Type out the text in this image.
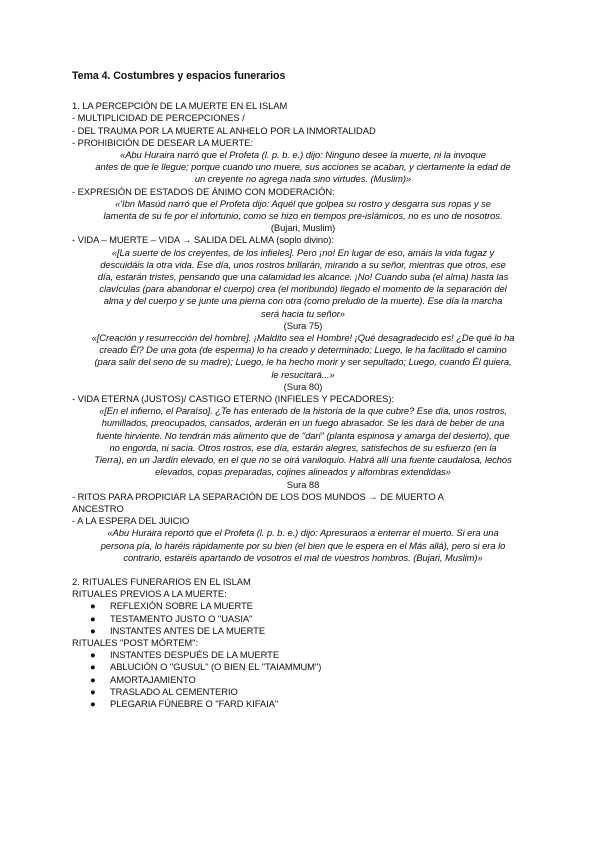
Tema 4. Costumbres y espacios funerarios

1. LA PERCEPCIÓN DE LA MUERTE EN EL ISLAM

- MULTIPLICIDAD DE PERCEPCIONES /

- DEL TRAUMA POR LA MUERTE AL ANHELO POR LA INMORTALIDAD

- PROHIBICIÓN DE DESEAR LA MUERTE:

«Abu Huraira narró que el Profeta (l. p. b. e.) dijo: Ninguno desee la muerte, ni la invoque
antes de que le llegue; porque cuando uno muere, sus acciones se acaban, y ciertamente la edad de
un creyente no agrega nada sino virtudes. (Muslim)»

- EXPRESIÓN DE ESTADOS DE ÁNIMO CON MODERACIÓN:

«'Ibn Masúd narró que el Profeta dijo: Aquél que golpea su rostro y desgarra sus ropas y se
lamenta de su fe por el infortunio, como se hizo en tiempos pre-islámicos, no es uno de nosotros.

(Bujari, Muslim)

- VIDA – MUERTE – VIDA → SALIDA DEL ALMA (soplo divino):

«[La suerte de los creyentes, de los infieles]. Pero ¡no! En lugar de eso, amáis la vida fugaz y
descuidáis la otra vida. Ese día, unos rostros brillarán, mirando a su señor, mientras que otros, ese
día, estarán tristes, pensando que una calamidad les alcance. ¡No! Cuando suba (el alma) hasta las
clavículas (para abandonar el cuerpo) crea (el moribundo) llegado el momento de la separación del
alma y del cuerpo y se junte una pierna con otra (como preludio de la muerte). Ese día la marcha
será hacia tu señor»

(Sura 75)

«[Creación y resurrección del hombre]. ¡Maldito sea el Hombre! ¡Qué desagradecido es! ¿De qué lo ha
creado Él? De una gota (de esperma) lo ha creado y determinado; Luego, le ha facilitado el camino
(para salir del seno de su madre); Luego, le ha hecho morir y ser sepultado; Luego, cuando Él quiera,
le resucitará...»

(Sura 80)

- VIDA ETERNA (JUSTOS)/ CASTIGO ETERNO (INFIELES Y PECADORES):

«[En el infierno, el Paraíso]. ¿Te has enterado de la historia de la que cubre? Ese día, unos rostros,
humillados, preocupados, cansados, arderán en un fuego abrasador. Se les dará de beber de una
fuente hirviente. No tendrán más alimento que de "dari" (planta espinosa y amarga del desierto), que
no engorda, ni sacia. Otros rostros, ese día, estarán alegres, satisfechos de su esfuerzo (en la
Tierra), en un Jardín elevado, en el que no se oirá vaniloquio. Habrá allí una fuente caudalosa, lechos
elevados, copas preparadas, cojines alineados y alfombras extendidas»

Sura 88

- RITOS PARA PROPICIAR LA SEPARACIÓN DE LOS DOS MUNDOS → DE MUERTO A

ANCESTRO

- A LA ESPERA DEL JUICIO

«Abu Huraira reportó que el Profeta (l. p. b. e.) dijo: Apresuraos a enterrar el muerto. Si era una
persona pía, lo haréis rápidamente por su bien (el bien que le espera en el Más allá), pero si era lo
contrario, estaréis apartando de vosotros el mal de vuestros hombros. (Bujari, Muslim)»

2. RITUALES FUNERARIOS EN EL ISLAM

RITUALES PREVIOS A LA MUERTE:

● REFLEXIÓN SOBRE LA MUERTE
● TESTAMENTO JUSTO O "UASIA"
● INSTANTES ANTES DE LA MUERTE

RITUALES "POST MÓRTEM":

● INSTANTES DESPUÉS DE LA MUERTE
● ABLUCIÓN O "GUSUL" (O BIEN EL "TAIAMMUM")
● AMORTAJAMIENTO
● TRASLADO AL CEMENTERIO
● PLEGARIA FÚNEBRE O "FARD KIFAIA"
